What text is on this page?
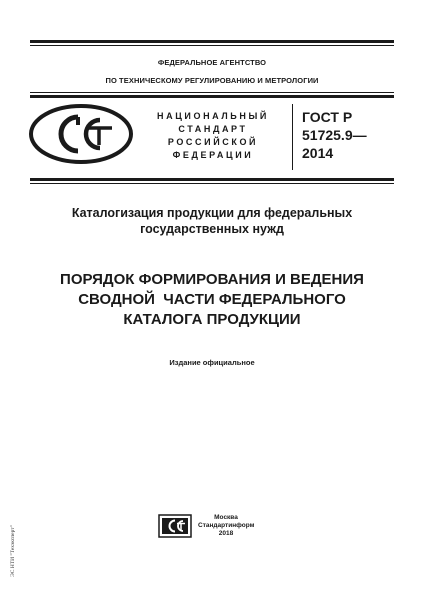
ФЕДЕРАЛЬНОЕ АГЕНТСТВО
ПО ТЕХНИЧЕСКОМУ РЕГУЛИРОВАНИЮ И МЕТРОЛОГИИ
НАЦИОНАЛЬНЫЙ
СТАНДАРТ
РОССИЙСКОЙ
ФЕДЕРАЦИИ
ГОСТ Р
51725.9—
2014
Каталогизация продукции для федеральных
государственных нужд
ПОРЯДОК ФОРМИРОВАНИЯ И ВЕДЕНИЯ
СВОДНОЙ  ЧАСТИ ФЕДЕРАЛЬНОГО
КАТАЛОГА ПРОДУКЦИИ
Издание официальное
Москва
Стандартинформ
2018
ЭС НТИ "Техэксперт"
